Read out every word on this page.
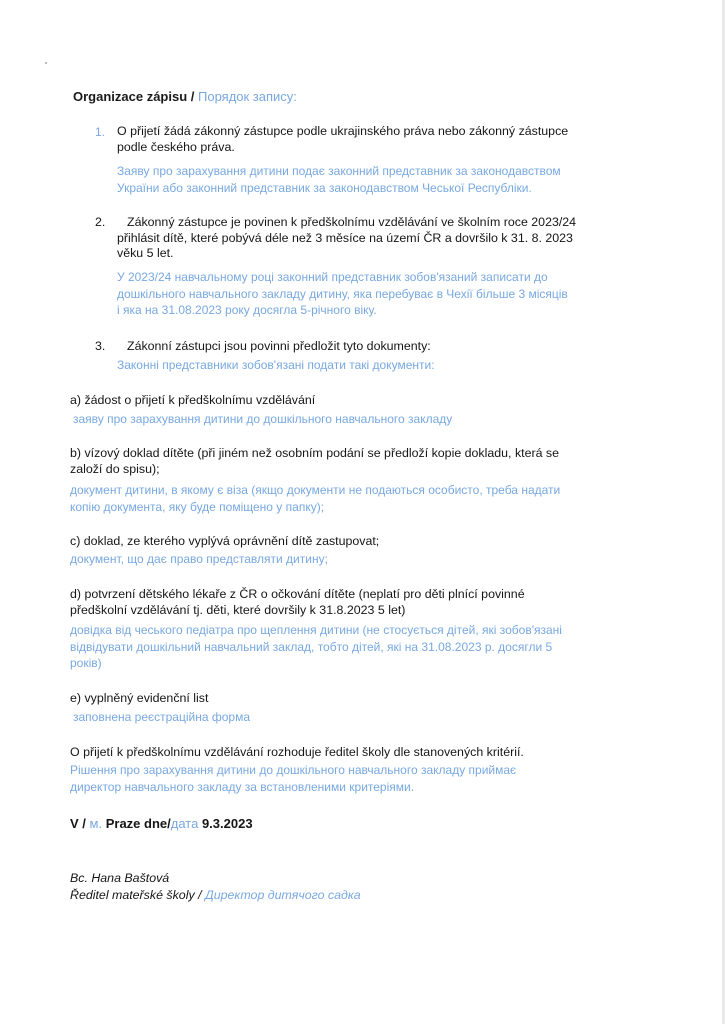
Organizace zápisu / Порядок запису:
1. O přijetí žádá zákonný zástupce podle ukrajinského práva nebo zákonný zástupce
podle českého práva.
Заяву про зарахування дитини подає законний представник за законодавством
України або законний представник за законодавством Чеської Республіки.
2.	Zákonný zástupce je povinen k předškolnímu vzdělávání ve školním roce 2023/24
přihlásit dítě, které pobývá déle než 3 měsíce na území ČR a dovršilo k 31. 8. 2023
věku 5 let.
У 2023/24 навчальному році законний представник зобов'язаний записати до
дошкільного навчального закладу дитину, яка перебуває в Чехії більше 3 місяців
і яка на 31.08.2023 року досягла 5-річного віку.
3. Zákonní zástupci jsou povinni předložit tyto dokumenty:
Законні представники зобов'язані подати такі документи:
a) žádost o přijetí k předškolnímu vzdělávání
заяву про зарахування дитини до дошкільного навчального закладу
b) vízový doklad dítěte (při jiném než osobním podání se předloží kopie dokladu, která se
založí do spisu);
документ дитини, в якому є віза (якщо документи не подаються особисто, треба надати
копію документа, яку буде поміщено у папку);
c) doklad, ze kterého vyplývá oprávnění dítě zastupovat;
документ, що дає право представляти дитину;
d) potvrzení dětského lékaře z ČR o očkování dítěte (neplatí pro děti plnící povinné
předškolní vzdělávání tj. děti, které dovršily k 31.8.2023 5 let)
довідка від чеського педіатра про щеплення дитини (не стосується дітей, які зобов'язані
відвідувати дошкільний навчальний заклад, тобто дітей, які на 31.08.2023 р. досягли 5
років)
e) vyplněný evidenční list
заповнена реєстраційна форма
O přijetí k předškolnímu vzdělávání rozhoduje ředitel školy dle stanovených kritérií.
Рішення про зарахування дитини до дошкільного навчального закладу приймає
директор навчального закладу за встановленими критеріями.
V / м. Praze dne/дата 9.3.2023
Bc. Hana Baštová
Ředitel mateřské školy / Директор дитячого садка
